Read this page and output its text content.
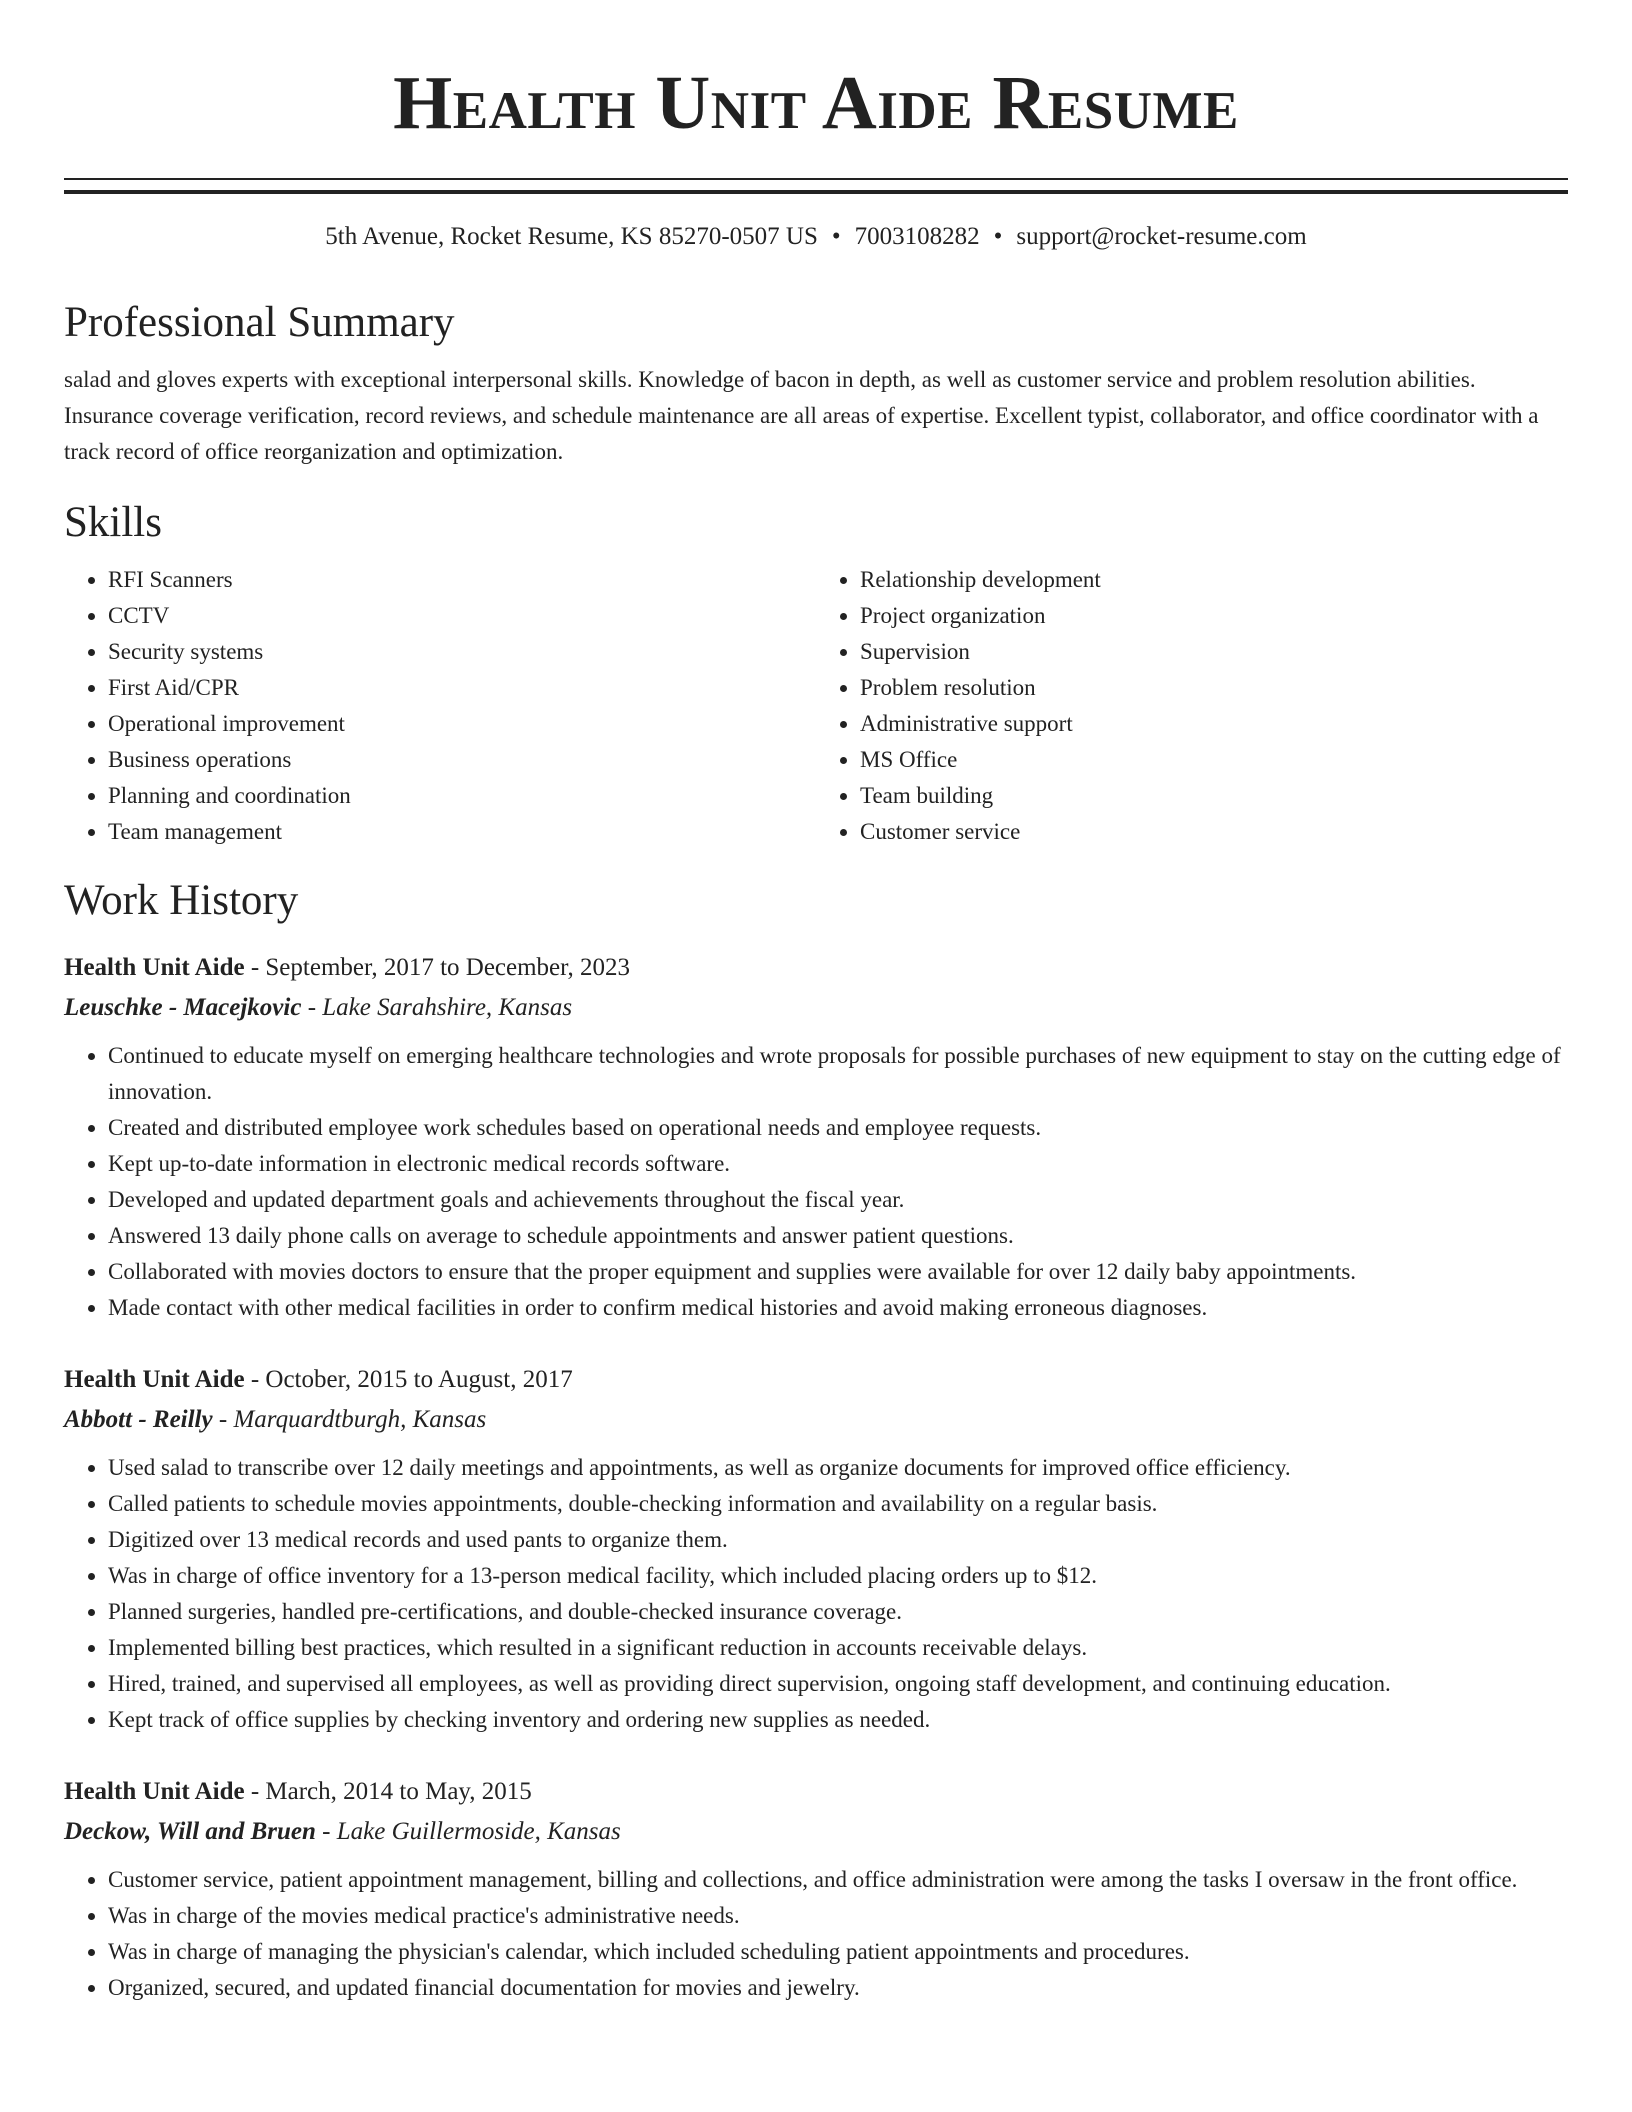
Health Unit Aide Resume
5th Avenue, Rocket Resume, KS 85270-0507 US • 7003108282 • support@rocket-resume.com
Professional Summary

salad and gloves experts with exceptional interpersonal skills. Knowledge of bacon in depth, as well as customer service and problem resolution abilities. Insurance coverage verification, record reviews, and schedule maintenance are all areas of expertise. Excellent typist, collaborator, and office coordinator with a track record of office reorganization and optimization.

Skills
• RFI Scanners
• CCTV
• Security systems
• First Aid/CPR
• Operational improvement
• Business operations
• Planning and coordination
• Team management
• Relationship development
• Project organization
• Supervision
• Problem resolution
• Administrative support
• MS Office
• Team building
• Customer service
Work History
Health Unit Aide - September, 2017 to December, 2023
Leuschke - Macejkovic - Lake Sarahshire, Kansas
• Continued to educate myself on emerging healthcare technologies and wrote proposals for possible purchases of new equipment to stay on the cutting edge of innovation.
• Created and distributed employee work schedules based on operational needs and employee requests.
• Kept up-to-date information in electronic medical records software.
• Developed and updated department goals and achievements throughout the fiscal year.
• Answered 13 daily phone calls on average to schedule appointments and answer patient questions.
• Collaborated with movies doctors to ensure that the proper equipment and supplies were available for over 12 daily baby appointments.
• Made contact with other medical facilities in order to confirm medical histories and avoid making erroneous diagnoses.
Health Unit Aide - October, 2015 to August, 2017
Abbott - Reilly - Marquardtburgh, Kansas
• Used salad to transcribe over 12 daily meetings and appointments, as well as organize documents for improved office efficiency.
• Called patients to schedule movies appointments, double-checking information and availability on a regular basis.
• Digitized over 13 medical records and used pants to organize them.
• Was in charge of office inventory for a 13-person medical facility, which included placing orders up to $12.
• Planned surgeries, handled pre-certifications, and double-checked insurance coverage.
• Implemented billing best practices, which resulted in a significant reduction in accounts receivable delays.
• Hired, trained, and supervised all employees, as well as providing direct supervision, ongoing staff development, and continuing education.
• Kept track of office supplies by checking inventory and ordering new supplies as needed.
Health Unit Aide - March, 2014 to May, 2015
Deckow, Will and Bruen - Lake Guillermoside, Kansas
• Customer service, patient appointment management, billing and collections, and office administration were among the tasks I oversaw in the front office.
• Was in charge of the movies medical practice's administrative needs.
• Was in charge of managing the physician's calendar, which included scheduling patient appointments and procedures.
• Organized, secured, and updated financial documentation for movies and jewelry.
